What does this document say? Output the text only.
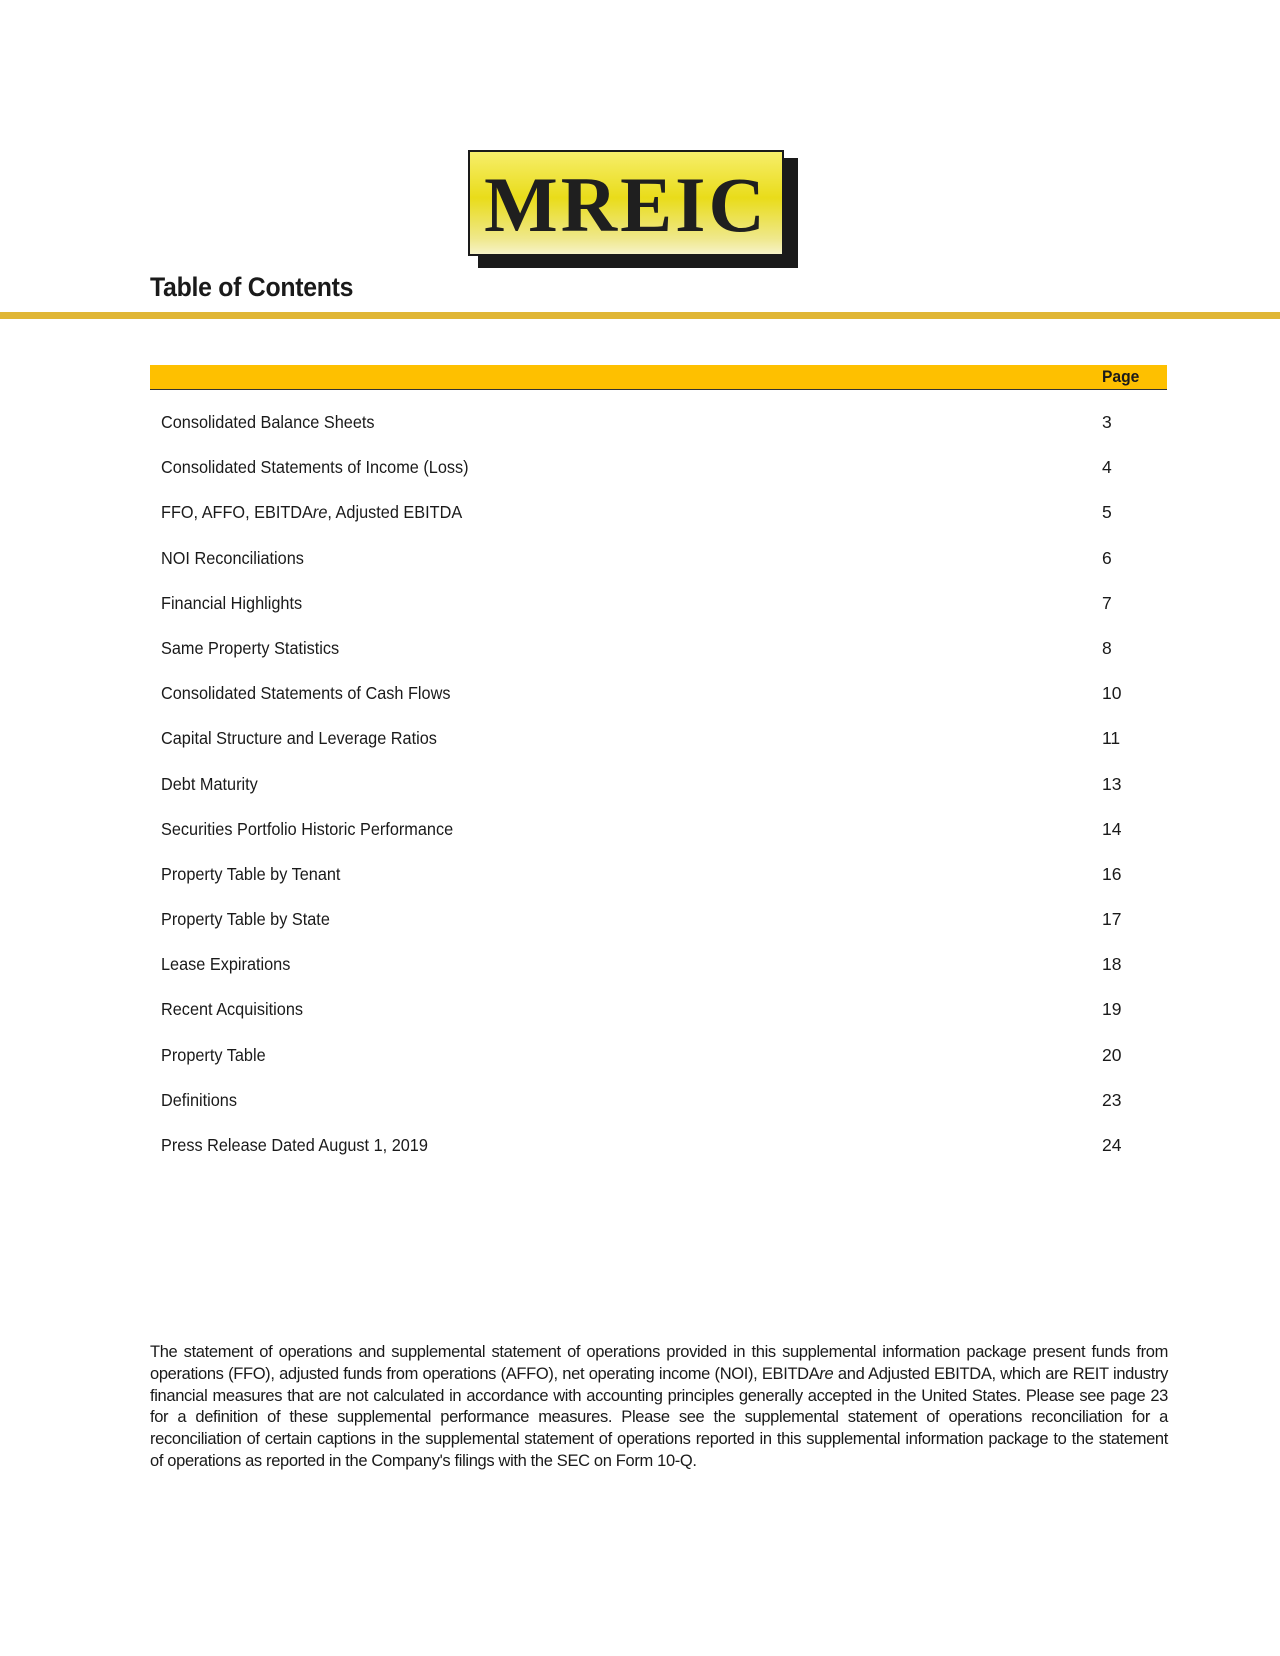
MREIC
Table of Contents
Page
Consolidated Balance Sheets	3
Consolidated Statements of Income (Loss)	4
FFO, AFFO, EBITDAre, Adjusted EBITDA	5
NOI Reconciliations	6
Financial Highlights	7
Same Property Statistics	8
Consolidated Statements of Cash Flows	10
Capital Structure and Leverage Ratios	11
Debt Maturity	13
Securities Portfolio Historic Performance	14
Property Table by Tenant	16
Property Table by State	17
Lease Expirations	18
Recent Acquisitions	19
Property Table	20
Definitions	23
Press Release Dated August 1, 2019	24

The statement of operations and supplemental statement of operations provided in this supplemental information package present funds from operations (FFO), adjusted funds from operations (AFFO), net operating income (NOI), EBITDAre and Adjusted EBITDA, which are REIT industry financial measures that are not calculated in accordance with accounting principles generally accepted in the United States. Please see page 23 for a definition of these supplemental performance measures. Please see the supplemental statement of operations reconciliation for a reconciliation of certain captions in the supplemental statement of operations reported in this supplemental information package to the statement of operations as reported in the Company's filings with the SEC on Form 10-Q.
